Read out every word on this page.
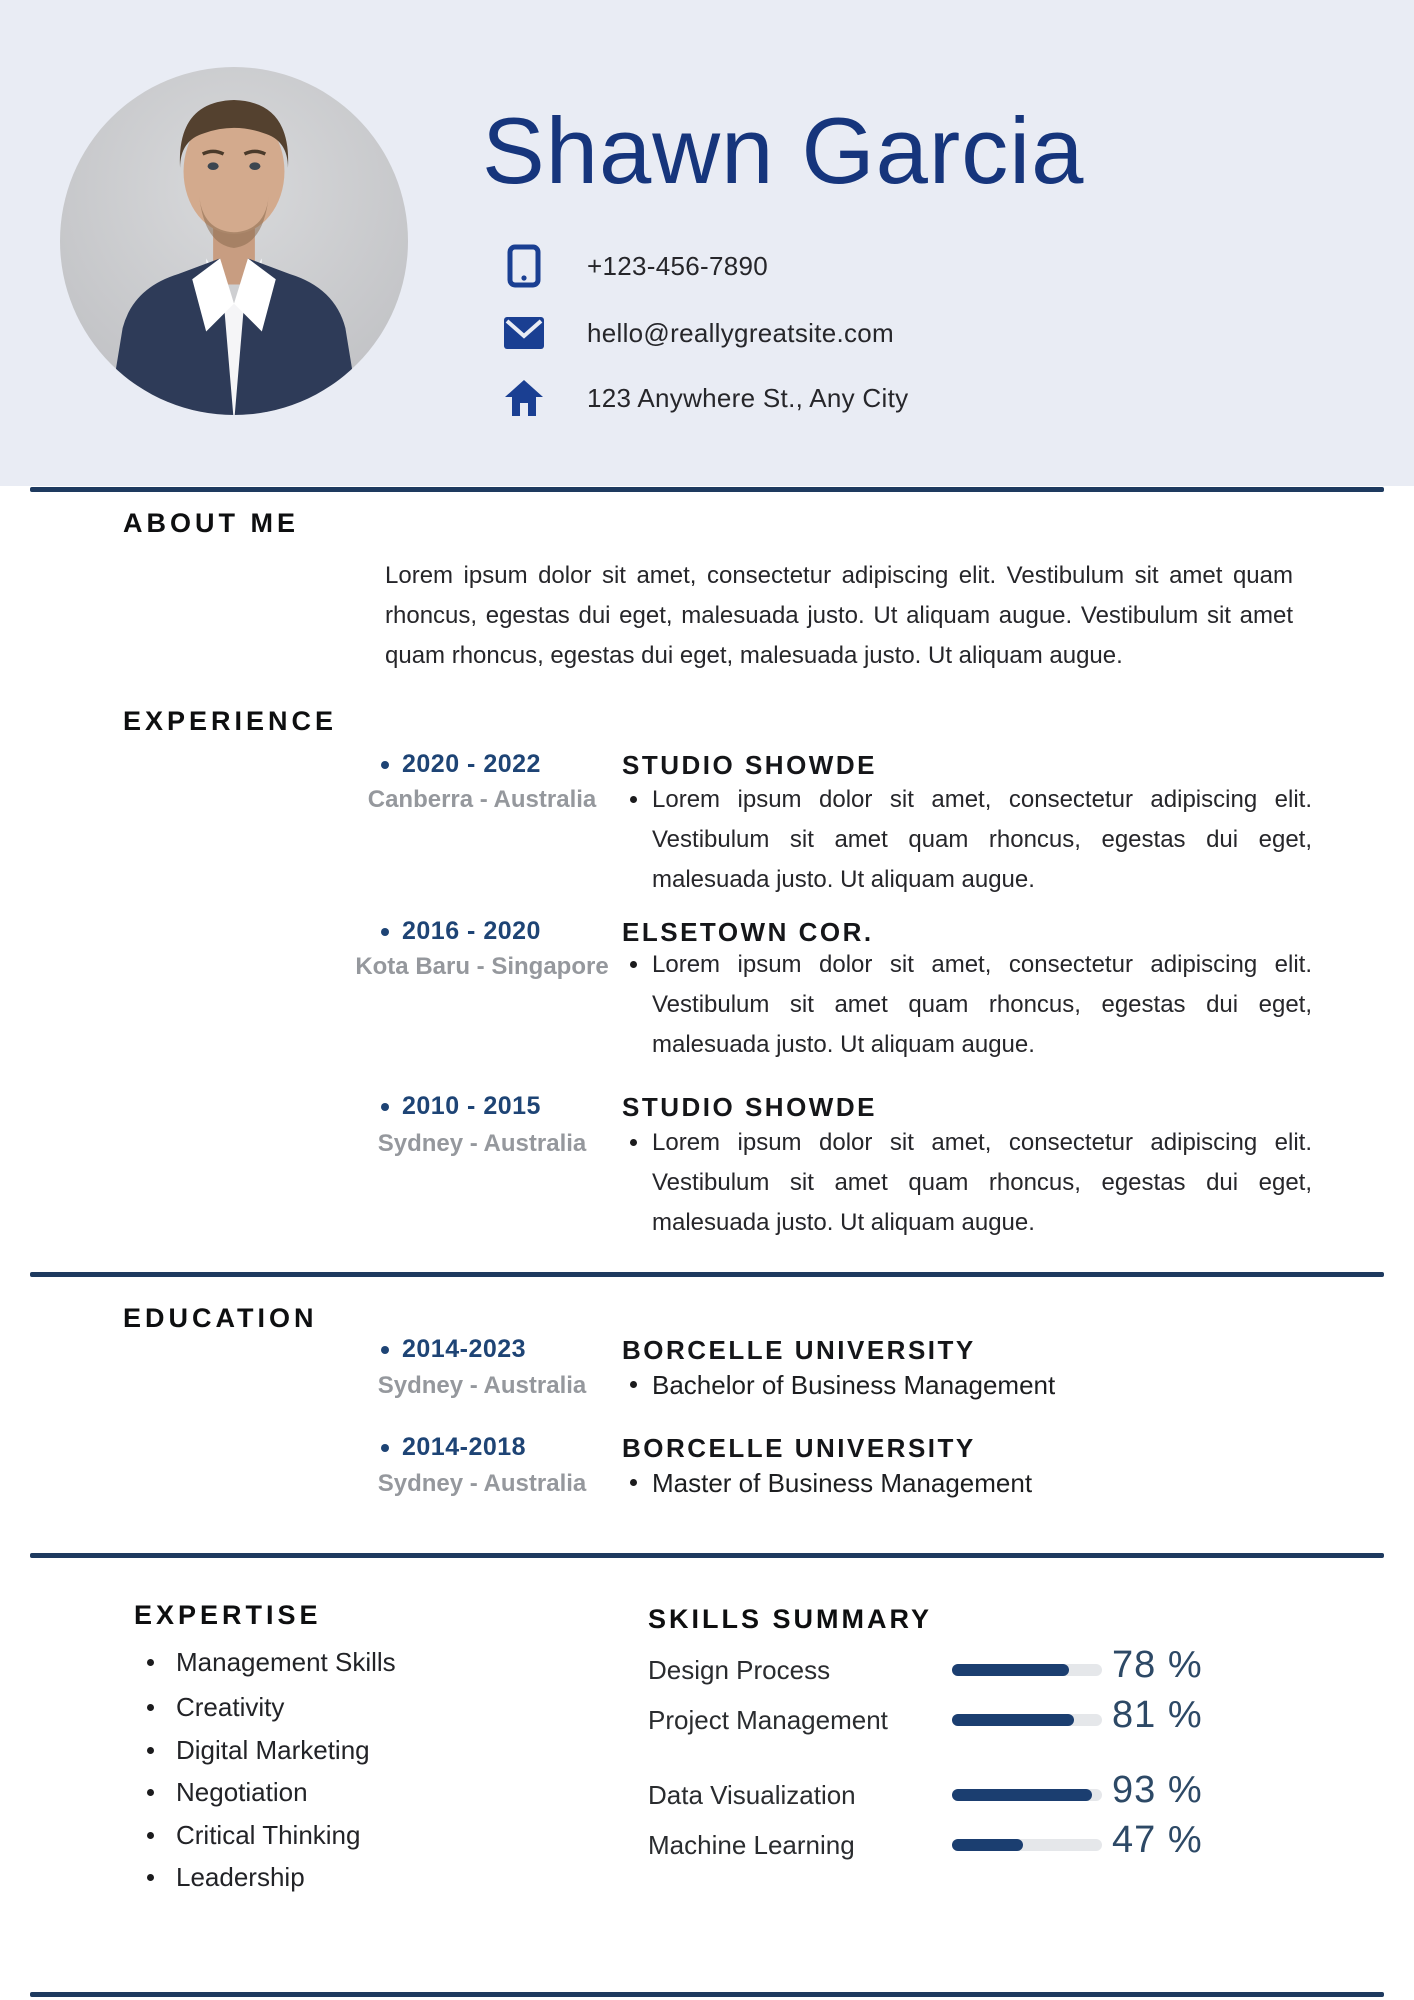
Shawn Garcia
+123-456-7890
hello@reallygreatsite.com
123 Anywhere St., Any City
ABOUT ME

Lorem ipsum dolor sit amet, consectetur adipiscing elit. Vestibulum sit amet quam rhoncus, egestas dui eget, malesuada justo. Ut aliquam augue. Vestibulum sit amet quam rhoncus, egestas dui eget, malesuada justo. Ut aliquam augue.

EXPERIENCE
2020 - 2022
Canberra - Australia
STUDIO SHOWDE

Lorem ipsum dolor sit amet, consectetur adipiscing elit. Vestibulum sit amet quam rhoncus, egestas dui eget, malesuada justo. Ut aliquam augue.

2016 - 2020
Kota Baru - Singapore
ELSETOWN COR.

Lorem ipsum dolor sit amet, consectetur adipiscing elit. Vestibulum sit amet quam rhoncus, egestas dui eget, malesuada justo. Ut aliquam augue.

2010 - 2015
Sydney - Australia
STUDIO SHOWDE

Lorem ipsum dolor sit amet, consectetur adipiscing elit. Vestibulum sit amet quam rhoncus, egestas dui eget, malesuada justo. Ut aliquam augue.

EDUCATION
2014-2023
Sydney - Australia
BORCELLE UNIVERSITY
Bachelor of Business Management
2014-2018
Sydney - Australia
BORCELLE UNIVERSITY
Master of Business Management
EXPERTISE
Management Skills
Creativity
Digital Marketing
Negotiation
Critical Thinking
Leadership
SKILLS SUMMARY
Design Process	78 %
Project Management	81 %
Data Visualization	93 %
Machine Learning	47 %
